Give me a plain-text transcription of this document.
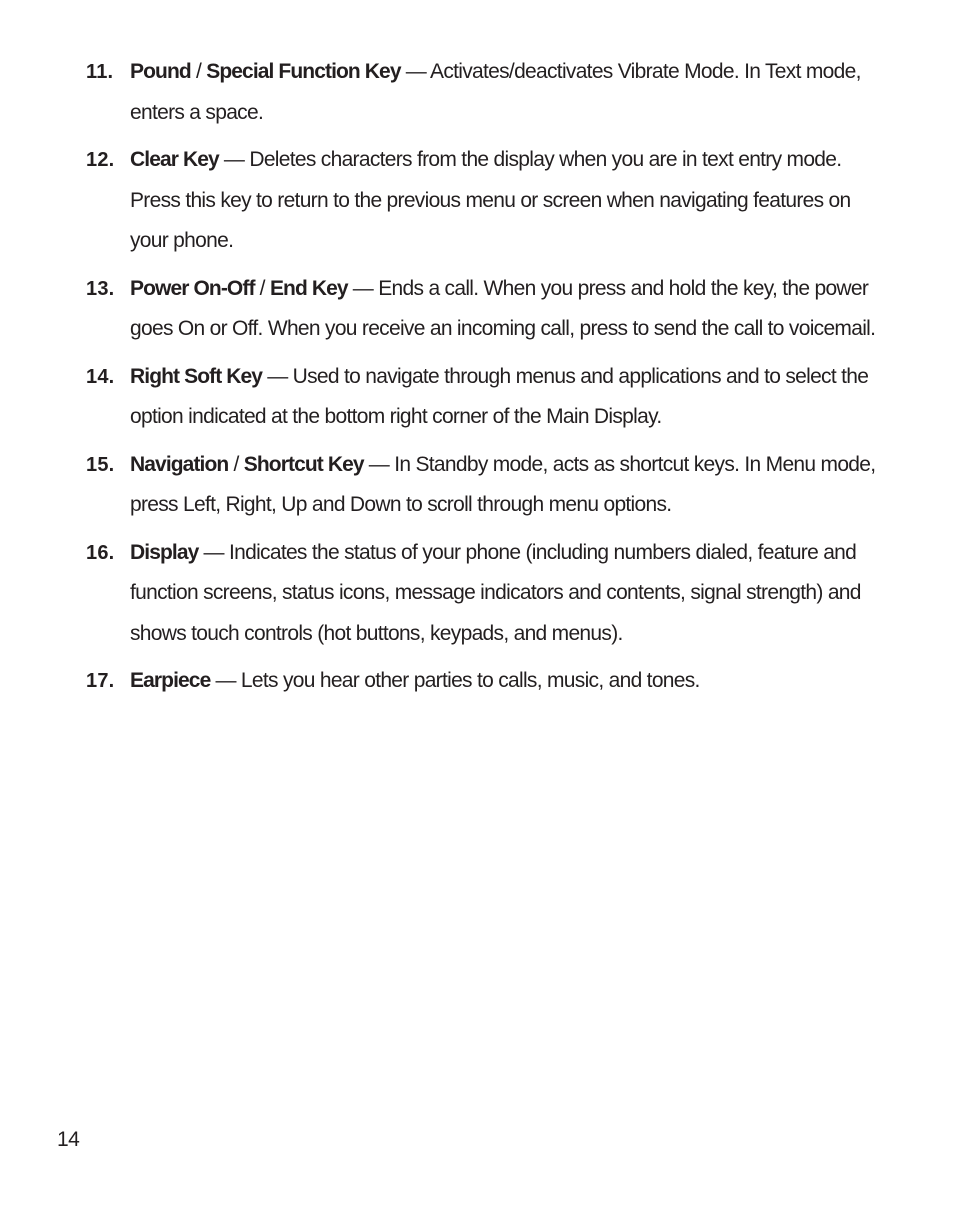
11. Pound / Special Function Key — Activates/deactivates Vibrate Mode. In Text mode, enters a space.
12. Clear Key — Deletes characters from the display when you are in text entry mode. Press this key to return to the previous menu or screen when navigating features on your phone.
13. Power On-Off / End Key — Ends a call. When you press and hold the key, the power goes On or Off. When you receive an incoming call, press to send the call to voicemail.
14. Right Soft Key — Used to navigate through menus and applications and to select the option indicated at the bottom right corner of the Main Display.
15. Navigation / Shortcut Key — In Standby mode, acts as shortcut keys. In Menu mode, press Left, Right, Up and Down to scroll through menu options.
16. Display — Indicates the status of your phone (including numbers dialed, feature and function screens, status icons, message indicators and contents, signal strength) and shows touch controls (hot buttons, keypads, and menus).
17. Earpiece — Lets you hear other parties to calls, music, and tones.
14
